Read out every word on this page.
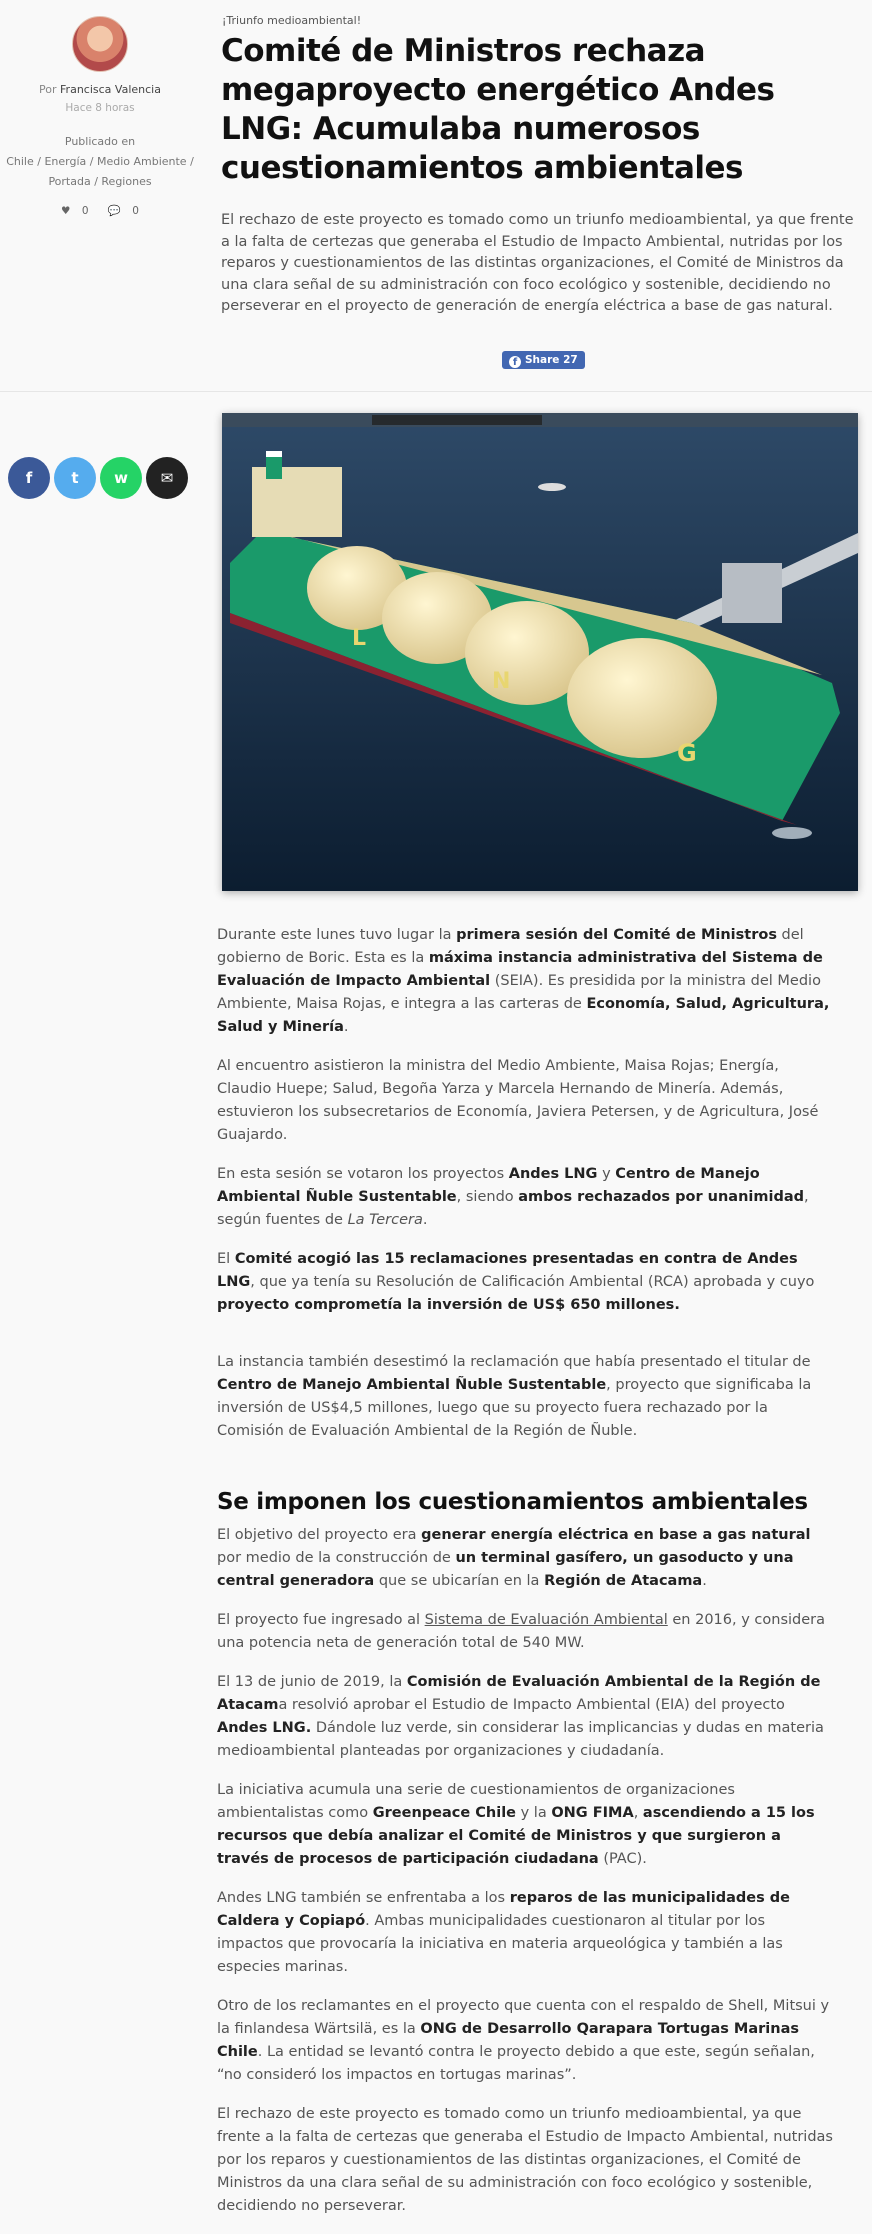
Por Francisca Valencia
Hace 8 horas
Publicado en
Chile / Energía / Medio Ambiente /
Portada / Regiones
♥ 0 💬 0
¡Triunfo medioambiental!
Comité de Ministros rechaza megaproyecto energético Andes LNG: Acumulaba numerosos cuestionamientos ambientales

El rechazo de este proyecto es tomado como un triunfo medioambiental, ya que frente a la falta de certezas que generaba el Estudio de Impacto Ambiental, nutridas por los reparos y cuestionamientos de las distintas organizaciones, el Comité de Ministros da una clara señal de su administración con foco ecológico y sostenible, decidiendo no perseverar en el proyecto de generación de energía eléctrica a base de gas natural.

f Share 27
f	t	w	✉
L
N
G

Durante este lunes tuvo lugar la primera sesión del Comité de Ministros del gobierno de Boric. Esta es la máxima instancia administrativa del Sistema de Evaluación de Impacto Ambiental (SEIA). Es presidida por la ministra del Medio Ambiente, Maisa Rojas, e integra a las carteras de Economía, Salud, Agricultura, Salud y Minería.

Al encuentro asistieron la ministra del Medio Ambiente, Maisa Rojas; Energía, Claudio Huepe; Salud, Begoña Yarza y Marcela Hernando de Minería. Además, estuvieron los subsecretarios de Economía, Javiera Petersen, y de Agricultura, José Guajardo.

En esta sesión se votaron los proyectos Andes LNG y Centro de Manejo Ambiental Ñuble Sustentable, siendo ambos rechazados por unanimidad, según fuentes de La Tercera.

El Comité acogió las 15 reclamaciones presentadas en contra de Andes LNG, que ya tenía su Resolución de Calificación Ambiental (RCA) aprobada y cuyo proyecto comprometía la inversión de US$ 650 millones.

La instancia también desestimó la reclamación que había presentado el titular de Centro de Manejo Ambiental Ñuble Sustentable, proyecto que significaba la inversión de US$4,5 millones, luego que su proyecto fuera rechazado por la Comisión de Evaluación Ambiental de la Región de Ñuble.

Se imponen los cuestionamientos ambientales

El objetivo del proyecto era generar energía eléctrica en base a gas natural por medio de la construcción de un terminal gasífero, un gasoducto y una central generadora que se ubicarían en la Región de Atacama.

El proyecto fue ingresado al Sistema de Evaluación Ambiental en 2016, y considera una potencia neta de generación total de 540 MW.

El 13 de junio de 2019, la Comisión de Evaluación Ambiental de la Región de Atacama resolvió aprobar el Estudio de Impacto Ambiental (EIA) del proyecto Andes LNG. Dándole luz verde, sin considerar las implicancias y dudas en materia medioambiental planteadas por organizaciones y ciudadanía.

La iniciativa acumula una serie de cuestionamientos de organizaciones ambientalistas como Greenpeace Chile y la ONG FIMA, ascendiendo a 15 los recursos que debía analizar el Comité de Ministros y que surgieron a través de procesos de participación ciudadana (PAC).

Andes LNG también se enfrentaba a los reparos de las municipalidades de Caldera y Copiapó. Ambas municipalidades cuestionaron al titular por los impactos que provocaría la iniciativa en materia arqueológica y también a las especies marinas.

Otro de los reclamantes en el proyecto que cuenta con el respaldo de Shell, Mitsui y la finlandesa Wärtsilä, es la ONG de Desarrollo Qarapara Tortugas Marinas Chile. La entidad se levantó contra le proyecto debido a que este, según señalan, “no consideró los impactos en tortugas marinas”.

El rechazo de este proyecto es tomado como un triunfo medioambiental, ya que frente a la falta de certezas que generaba el Estudio de Impacto Ambiental, nutridas por los reparos y cuestionamientos de las distintas organizaciones, el Comité de Ministros da una clara señal de su administración con foco ecológico y sostenible, decidiendo no perseverar.
